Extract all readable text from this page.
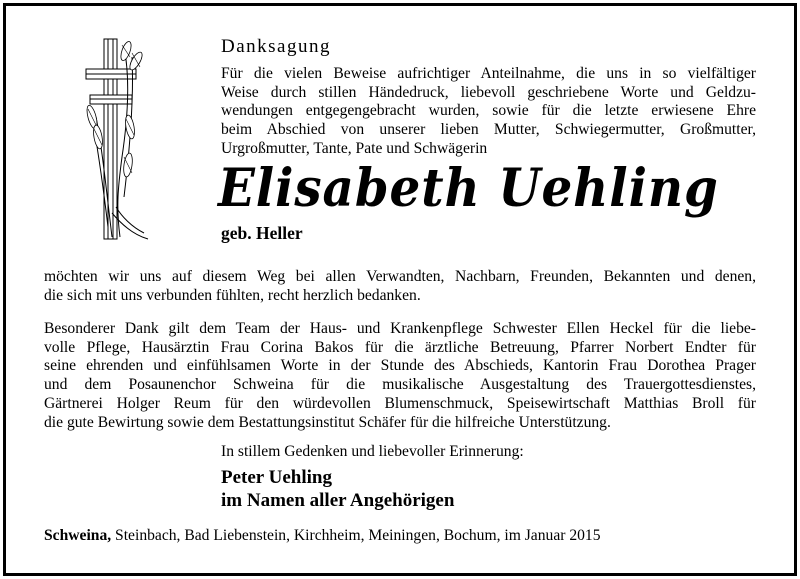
Danksagung
Für die vielen Beweise aufrichtiger Anteilnahme, die uns in so vielfältiger
Weise durch stillen Händedruck, liebevoll geschriebene Worte und Geldzu-
wendungen entgegengebracht wurden, sowie für die letzte erwiesene Ehre
beim Abschied von unserer lieben Mutter, Schwiegermutter, Großmutter,
Urgroßmutter, Tante, Pate und Schwägerin
Elisabeth Uehling
geb. Heller
möchten wir uns auf diesem Weg bei allen Verwandten, Nachbarn, Freunden, Bekannten und denen,
die sich mit uns verbunden fühlten, recht herzlich bedanken.
Besonderer Dank gilt dem Team der Haus- und Krankenpflege Schwester Ellen Heckel für die liebe-
volle Pflege, Hausärztin Frau Corina Bakos für die ärztliche Betreuung, Pfarrer Norbert Endter für
seine ehrenden und einfühlsamen Worte in der Stunde des Abschieds, Kantorin Frau Dorothea Prager
und dem Posaunenchor Schweina für die musikalische Ausgestaltung des Trauergottesdienstes,
Gärtnerei Holger Reum für den würdevollen Blumenschmuck, Speisewirtschaft Matthias Broll für
die gute Bewirtung sowie dem Bestattungsinstitut Schäfer für die hilfreiche Unterstützung.
In stillem Gedenken und liebevoller Erinnerung:
Peter Uehling
im Namen aller Angehörigen
Schweina, Steinbach, Bad Liebenstein, Kirchheim, Meiningen, Bochum, im Januar 2015
